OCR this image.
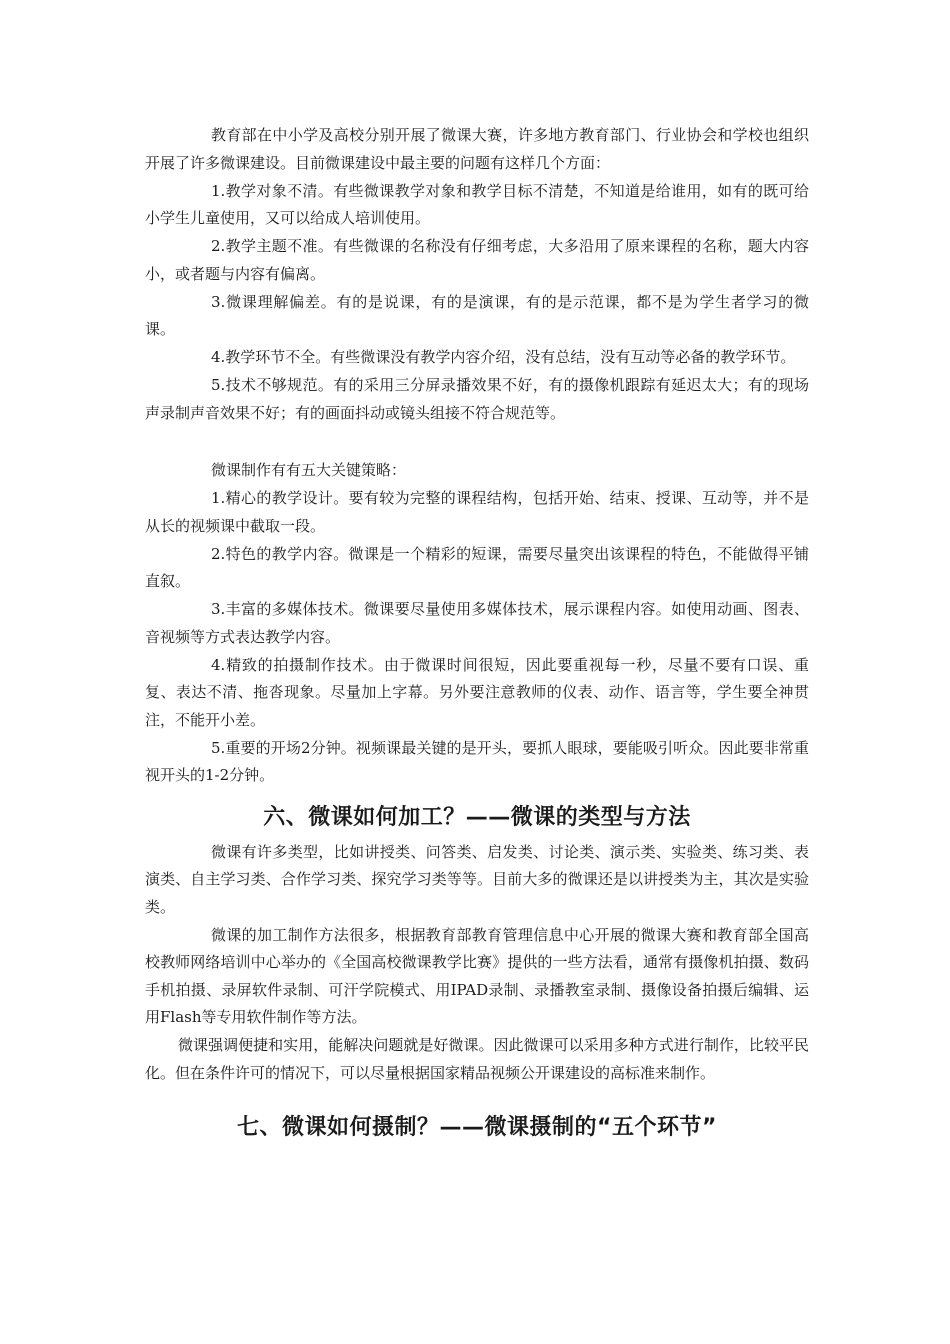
教育部在中小学及高校分别开展了微课大赛，许多地方教育部门、行业协会和学校也组织开展了许多微课建设。目前微课建设中最主要的问题有这样几个方面：

1.教学对象不清。有些微课教学对象和教学目标不清楚，不知道是给谁用，如有的既可给小学生儿童使用，又可以给成人培训使用。

2.教学主题不准。有些微课的名称没有仔细考虑，大多沿用了原来课程的名称，题大内容小，或者题与内容有偏离。

3.微课理解偏差。有的是说课，有的是演课，有的是示范课，都不是为学生者学习的微课。

4.教学环节不全。有些微课没有教学内容介绍，没有总结，没有互动等必备的教学环节。

5.技术不够规范。有的采用三分屏录播效果不好，有的摄像机跟踪有延迟太大；有的现场声录制声音效果不好；有的画面抖动或镜头组接不符合规范等。

微课制作有有五大关键策略：

1.精心的教学设计。要有较为完整的课程结构，包括开始、结束、授课、互动等，并不是从长的视频课中截取一段。

2.特色的教学内容。微课是一个精彩的短课，需要尽量突出该课程的特色，不能做得平铺直叙。

3.丰富的多媒体技术。微课要尽量使用多媒体技术，展示课程内容。如使用动画、图表、音视频等方式表达教学内容。

4.精致的拍摄制作技术。由于微课时间很短，因此要重视每一秒，尽量不要有口误、重复、表达不清、拖沓现象。尽量加上字幕。另外要注意教师的仪表、动作、语言等，学生要全神贯注，不能开小差。

5.重要的开场2分钟。视频课最关键的是开头，要抓人眼球，要能吸引听众。因此要非常重视开头的1-2分钟。

六、微课如何加工？——微课的类型与方法

微课有许多类型，比如讲授类、问答类、启发类、讨论类、演示类、实验类、练习类、表演类、自主学习类、合作学习类、探究学习类等等。目前大多的微课还是以讲授类为主，其次是实验类。

微课的加工制作方法很多，根据教育部教育管理信息中心开展的微课大赛和教育部全国高校教师网络培训中心举办的《全国高校微课教学比赛》提供的一些方法看，通常有摄像机拍摄、数码手机拍摄、录屏软件录制、可汗学院模式、用IPAD录制、录播教室录制、摄像设备拍摄后编辑、运用Flash等专用软件制作等方法。

微课强调便捷和实用，能解决问题就是好微课。因此微课可以采用多种方式进行制作，比较平民化。但在条件许可的情况下，可以尽量根据国家精品视频公开课建设的高标准来制作。

七、微课如何摄制？——微课摄制的“五个环节”
